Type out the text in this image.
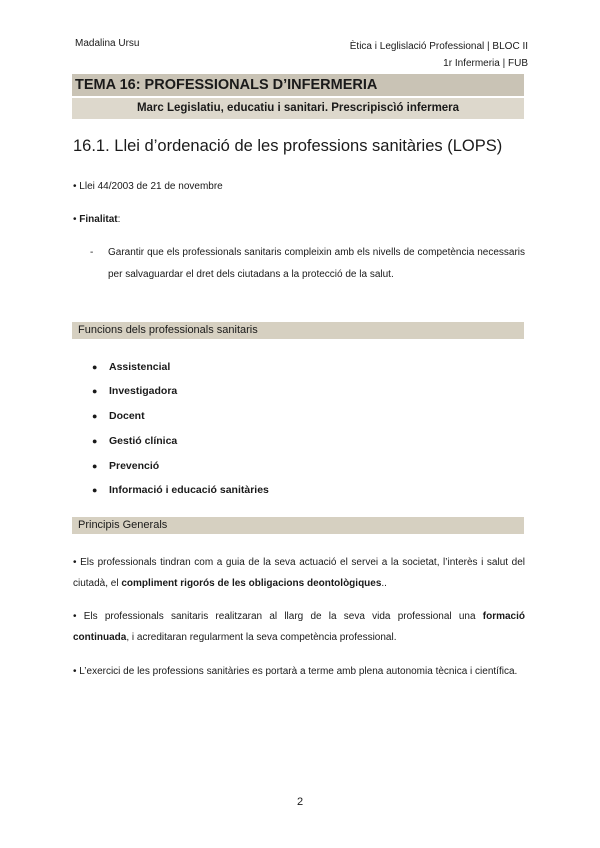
Madalina Ursu	Ètica i Leglislació Professional | BLOC II
1r Infermeria | FUB
TEMA 16: PROFESSIONALS D’INFERMERIA
Marc Legislatiu, educatiu i sanitari. Prescripiscìó infermera
16.1. Llei d’ordenació de les professions sanitàries (LOPS)
• Llei 44/2003 de 21 de novembre
• Finalitat:
- Garantir que els professionals sanitaris compleixin amb els nivells de competència necessaris per salvaguardar el dret dels ciutadans a la protecció de la salut.
Funcions dels professionals sanitaris
● Assistencial
● Investigadora
● Docent
● Gestió clínica
● Prevenció
● Informació i educació sanitàries
Principis Generals
• Els professionals tindran com a guia de la seva actuació el servei a la societat, l’interès i salut del ciutadà, el compliment rigorós de les obligacions deontològiques..
• Els professionals sanitaris realitzaran al llarg de la seva vida professional una formació continuada, i acreditaran regularment la seva competència professional.
• L’exercici de les professions sanitàries es portarà a terme amb plena autonomia tècnica i científica.
2
